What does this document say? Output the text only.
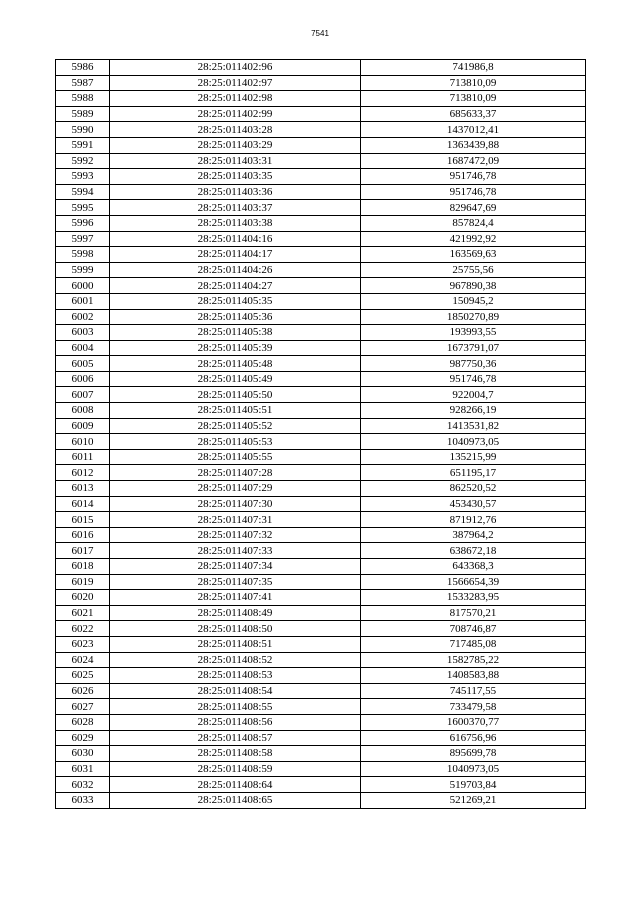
7541
5986	28:25:011402:96	741986,8
5987	28:25:011402:97	713810,09
5988	28:25:011402:98	713810,09
5989	28:25:011402:99	685633,37
5990	28:25:011403:28	1437012,41
5991	28:25:011403:29	1363439,88
5992	28:25:011403:31	1687472,09
5993	28:25:011403:35	951746,78
5994	28:25:011403:36	951746,78
5995	28:25:011403:37	829647,69
5996	28:25:011403:38	857824,4
5997	28:25:011404:16	421992,92
5998	28:25:011404:17	163569,63
5999	28:25:011404:26	25755,56
6000	28:25:011404:27	967890,38
6001	28:25:011405:35	150945,2
6002	28:25:011405:36	1850270,89
6003	28:25:011405:38	193993,55
6004	28:25:011405:39	1673791,07
6005	28:25:011405:48	987750,36
6006	28:25:011405:49	951746,78
6007	28:25:011405:50	922004,7
6008	28:25:011405:51	928266,19
6009	28:25:011405:52	1413531,82
6010	28:25:011405:53	1040973,05
6011	28:25:011405:55	135215,99
6012	28:25:011407:28	651195,17
6013	28:25:011407:29	862520,52
6014	28:25:011407:30	453430,57
6015	28:25:011407:31	871912,76
6016	28:25:011407:32	387964,2
6017	28:25:011407:33	638672,18
6018	28:25:011407:34	643368,3
6019	28:25:011407:35	1566654,39
6020	28:25:011407:41	1533283,95
6021	28:25:011408:49	817570,21
6022	28:25:011408:50	708746,87
6023	28:25:011408:51	717485,08
6024	28:25:011408:52	1582785,22
6025	28:25:011408:53	1408583,88
6026	28:25:011408:54	745117,55
6027	28:25:011408:55	733479,58
6028	28:25:011408:56	1600370,77
6029	28:25:011408:57	616756,96
6030	28:25:011408:58	895699,78
6031	28:25:011408:59	1040973,05
6032	28:25:011408:64	519703,84
6033	28:25:011408:65	521269,21
